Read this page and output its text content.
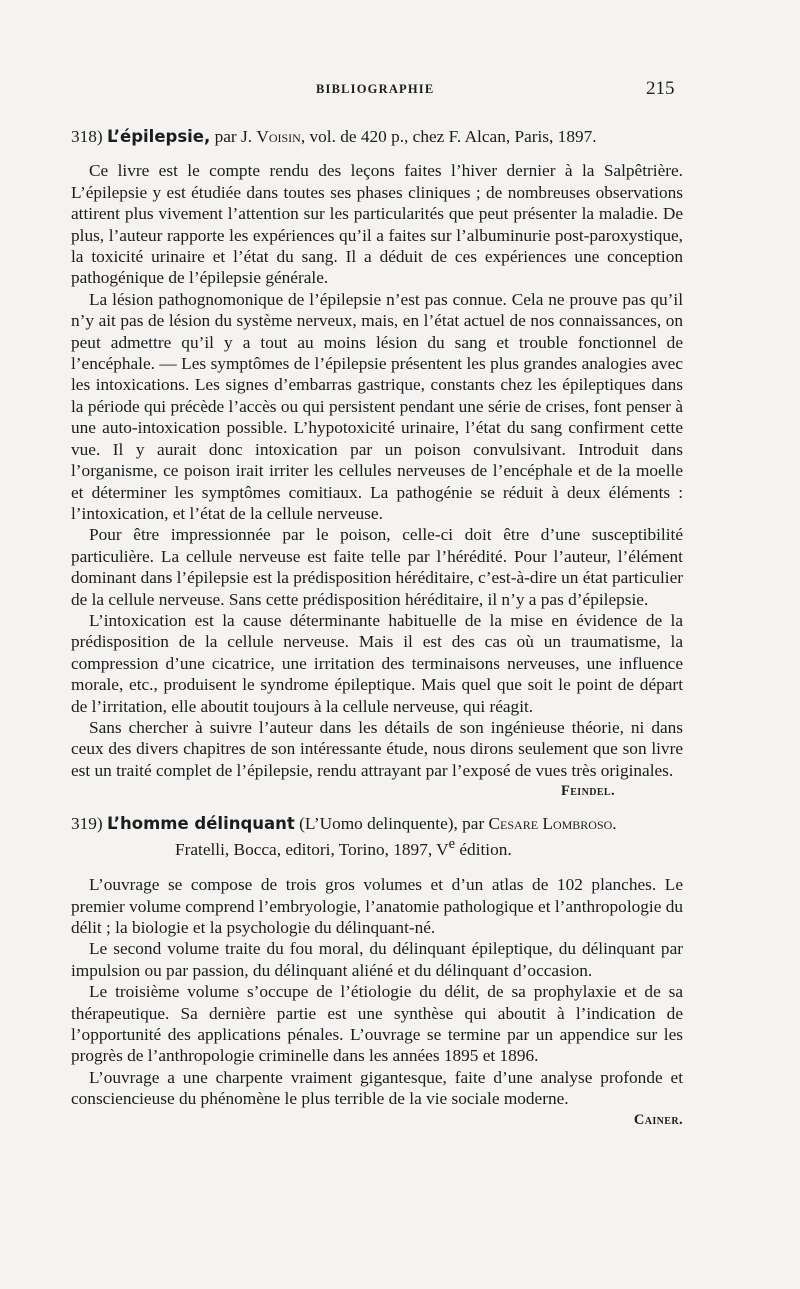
BIBLIOGRAPHIE	215
318) L’épilepsie, par J. Voisin, vol. de 420 p., chez F. Alcan, Paris, 1897.

Ce livre est le compte rendu des leçons faites l’hiver dernier à la Salpêtrière. L’épilepsie y est étudiée dans toutes ses phases cliniques ; de nombreuses observations attirent plus vivement l’attention sur les particularités que peut présenter la maladie. De plus, l’auteur rapporte les expériences qu’il a faites sur l’albuminurie post-paroxystique, la toxicité urinaire et l’état du sang. Il a déduit de ces expériences une conception pathogénique de l’épilepsie générale.

La lésion pathognomonique de l’épilepsie n’est pas connue. Cela ne prouve pas qu’il n’y ait pas de lésion du système nerveux, mais, en l’état actuel de nos connaissances, on peut admettre qu’il y a tout au moins lésion du sang et trouble fonctionnel de l’encéphale. — Les symptômes de l’épilepsie présentent les plus grandes analogies avec les intoxications. Les signes d’embarras gastrique, constants chez les épileptiques dans la période qui précède l’accès ou qui persistent pendant une série de crises, font penser à une auto-intoxication possible. L’hypotoxicité urinaire, l’état du sang confirment cette vue. Il y aurait donc intoxication par un poison convulsivant. Introduit dans l’organisme, ce poison irait irriter les cellules nerveuses de l’encéphale et de la moelle et déterminer les symptômes comitiaux. La pathogénie se réduit à deux éléments : l’intoxication, et l’état de la cellule nerveuse.

Pour être impressionnée par le poison, celle-ci doit être d’une susceptibilité particulière. La cellule nerveuse est faite telle par l’hérédité. Pour l’auteur, l’élément dominant dans l’épilepsie est la prédisposition héréditaire, c’est-à-dire un état particulier de la cellule nerveuse. Sans cette prédisposition héréditaire, il n’y a pas d’épilepsie.

L’intoxication est la cause déterminante habituelle de la mise en évidence de la prédisposition de la cellule nerveuse. Mais il est des cas où un traumatisme, la compression d’une cicatrice, une irritation des terminaisons nerveuses, une influence morale, etc., produisent le syndrome épileptique. Mais quel que soit le point de départ de l’irritation, elle aboutit toujours à la cellule nerveuse, qui réagit.

Sans chercher à suivre l’auteur dans les détails de son ingénieuse théorie, ni dans ceux des divers chapitres de son intéressante étude, nous dirons seulement que son livre est un traité complet de l’épilepsie, rendu attrayant par l’exposé de vues très originales.
Feindel.

319) L’homme délinquant (L’Uomo delinquente), par Cesare Lombroso.
Fratelli, Bocca, editori, Torino, 1897, Ve édition.

L’ouvrage se compose de trois gros volumes et d’un atlas de 102 planches. Le premier volume comprend l’embryologie, l’anatomie pathologique et l’anthropologie du délit ; la biologie et la psychologie du délinquant-né.

Le second volume traite du fou moral, du délinquant épileptique, du délinquant par impulsion ou par passion, du délinquant aliéné et du délinquant d’occasion.

Le troisième volume s’occupe de l’étiologie du délit, de sa prophylaxie et de sa thérapeutique. Sa dernière partie est une synthèse qui aboutit à l’indication de l’opportunité des applications pénales. L’ouvrage se termine par un appendice sur les progrès de l’anthropologie criminelle dans les années 1895 et 1896.

L’ouvrage a une charpente vraiment gigantesque, faite d’une analyse profonde et consciencieuse du phénomène le plus terrible de la vie sociale moderne.

Cainer.
